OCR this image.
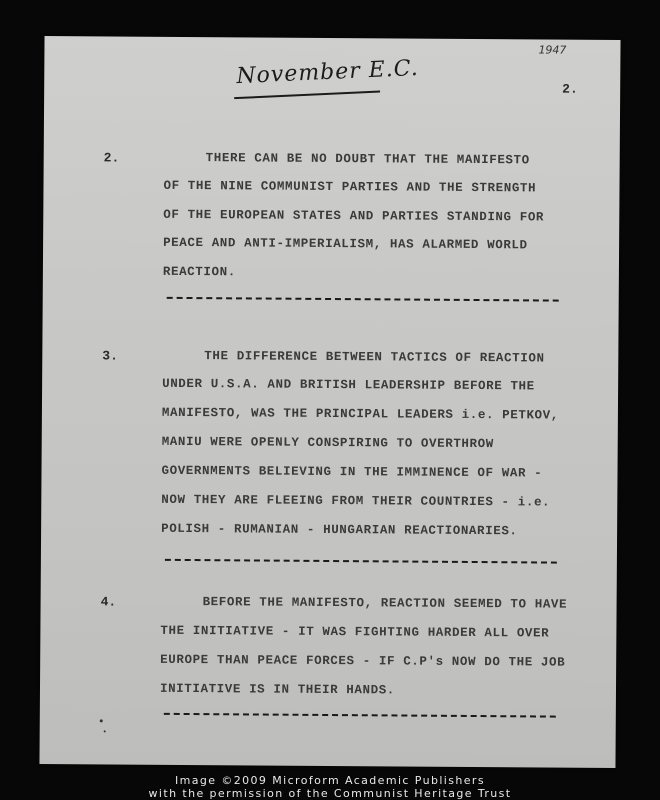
November E.C.
1947
2.
2.	THERE CAN BE NO DOUBT THAT THE MANIFESTO
OF THE NINE COMMUNIST PARTIES AND THE STRENGTH
OF THE EUROPEAN STATES AND PARTIES STANDING FOR
PEACE AND ANTI-IMPERIALISM, HAS ALARMED WORLD
REACTION.
3.	THE DIFFERENCE BETWEEN TACTICS OF REACTION
UNDER U.S.A. AND BRITISH LEADERSHIP BEFORE THE
MANIFESTO, WAS THE PRINCIPAL LEADERS i.e. PETKOV,
MANIU WERE OPENLY CONSPIRING TO OVERTHROW
GOVERNMENTS BELIEVING IN THE IMMINENCE OF WAR -
NOW THEY ARE FLEEING FROM THEIR COUNTRIES - i.e.
POLISH - RUMANIAN - HUNGARIAN REACTIONARIES.
4.	BEFORE THE MANIFESTO, REACTION SEEMED TO HAVE
THE INITIATIVE - IT WAS FIGHTING HARDER ALL OVER
EUROPE THAN PEACE FORCES - IF C.P's NOW DO THE JOB
INITIATIVE IS IN THEIR HANDS.
Image ©2009 Microform Academic Publishers
with the permission of the Communist Heritage Trust
